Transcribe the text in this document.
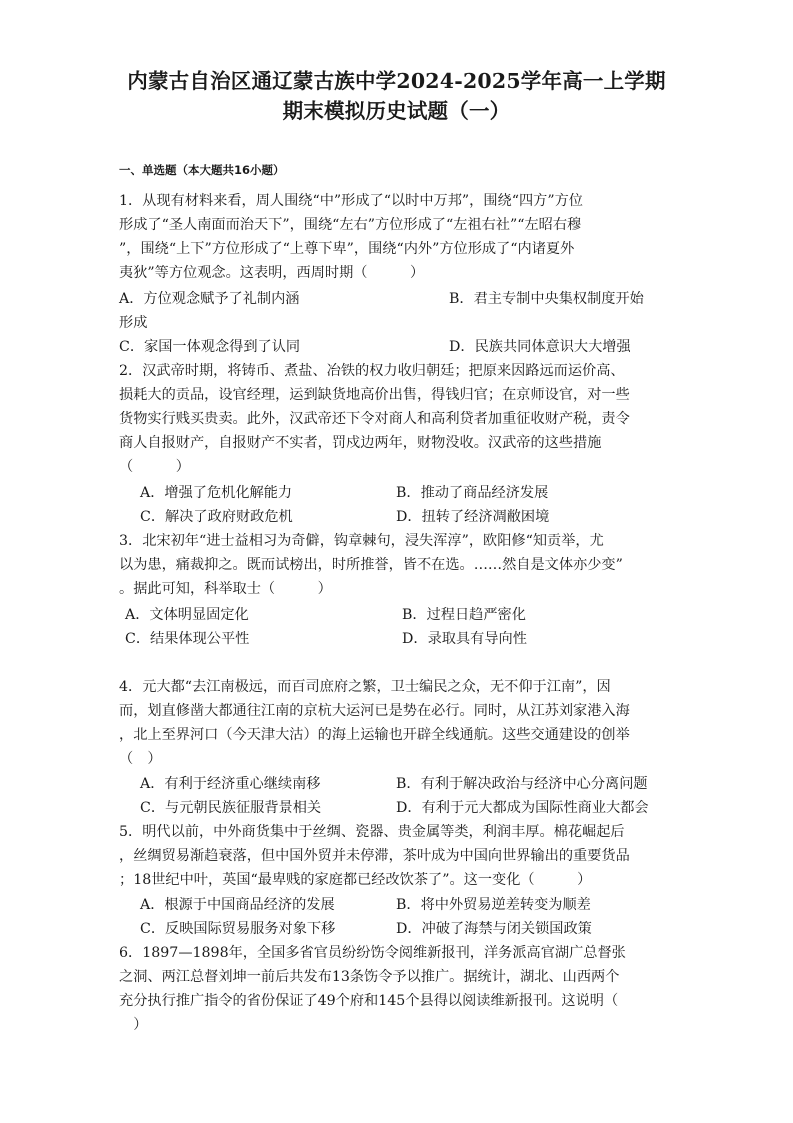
内蒙古自治区通辽蒙古族中学2024-2025学年高一上学期
期末模拟历史试题（一）
一、单选题（本大题共16小题）
1．从现有材料来看，周人围绕“中”形成了“以时中万邦”，围绕“四方”方位
形成了“圣人南面而治天下”，围绕“左右”方位形成了“左祖右社”“左昭右穆
”，围绕“上下”方位形成了“上尊下卑”，围绕“内外”方位形成了“内诸夏外
夷狄”等方位观念。这表明，西周时期（　　　）
A．方位观念赋予了礼制内涵	B．君主专制中央集权制度开始
形成
C．家国一体观念得到了认同	D．民族共同体意识大大增强
2．汉武帝时期，将铸币、煮盐、冶铁的权力收归朝廷；把原来因路远而运价高、
损耗大的贡品，设官经理，运到缺货地高价出售，得钱归官；在京师设官，对一些
货物实行贱买贵卖。此外，汉武帝还下令对商人和高利贷者加重征收财产税，责令
商人自报财产，自报财产不实者，罚戍边两年，财物没收。汉武帝的这些措施
（　　　）
A．增强了危机化解能力	B．推动了商品经济发展
C．解决了政府财政危机	D．扭转了经济凋敝困境
3．北宋初年“进士益相习为奇僻，钩章棘句，浸失浑淳”，欧阳修“知贡举，尤
以为患，痛裁抑之。既而试榜出，时所推誉，皆不在选。……然自是文体亦少变”
。据此可知，科举取士（　　　）
A．文体明显固定化	B．过程日趋严密化
C．结果体现公平性	D．录取具有导向性
4．元大都“去江南极远，而百司庶府之繁，卫士编民之众，无不仰于江南”，因
而，划直修凿大都通往江南的京杭大运河已是势在必行。同时，从江苏刘家港入海
，北上至界河口（今天津大沽）的海上运输也开辟全线通航。这些交通建设的创举
（　）
A．有利于经济重心继续南移	B．有利于解决政治与经济中心分离问题
C．与元朝民族征服背景相关	D．有利于元大都成为国际性商业大都会
5．明代以前，中外商货集中于丝绸、瓷器、贵金属等类，利润丰厚。棉花崛起后
，丝绸贸易渐趋衰落，但中国外贸并未停滞，茶叶成为中国向世界输出的重要货品
；18世纪中叶，英国“最卑贱的家庭都已经改饮茶了”。这一变化（　　　）
A．根源于中国商品经济的发展	B．将中外贸易逆差转变为顺差
C．反映国际贸易服务对象下移	D．冲破了海禁与闭关锁国政策
6．1897—1898年，全国多省官员纷纷饬令阅维新报刊，洋务派高官湖广总督张
之洞、两江总督刘坤一前后共发布13条饬令予以推广。据统计，湖北、山西两个
充分执行推广指令的省份保证了49个府和145个县得以阅读维新报刊。这说明（
　）
